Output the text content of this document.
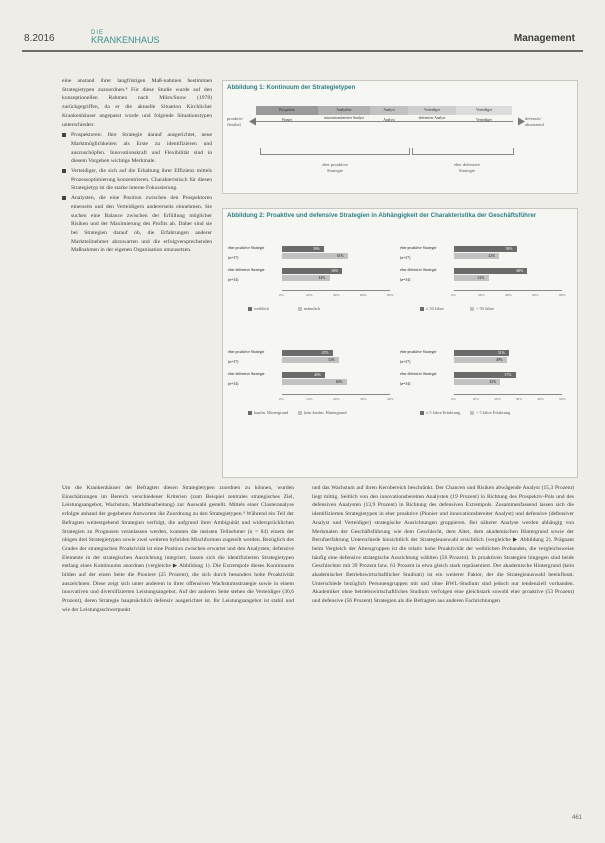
8.2016	DIE
KRANKENHAUS	Management

eine anstand ihrer langfristigen Maß-nahmen bestimmen Strategietypen zuzuordnen.⁸ Für diese Studie wurde auf den konzeptionellen Rahmen nach Miles/Snow (1978) zurückgegriffen, da er die aktuelle Situation Kirchlicher Krankenhäuser angepasst wurde und folgende Situationstypen unterschieden:

Prospektoren: Ihre Strategie darauf ausgerichtet, neue Marktmöglichkeiten als Erste zu identifizieren und auszuschöpfen. Innovationskraft und Flexibilität sind in diesem Vorgehen wichtige Merkmale.
Verteidiger, die sich auf die Erhaltung ihrer Effizienz mittels Prozessoptimierung konzentrieren. Charakteristisch für diesen Strategietyp ist die starke interne Fokussierung.
Analysten, die eine Position zwischen den Prospektoren einerseits und den Verteidigern andererseits einnehmen. Sie suchen eine Balance zwischen der Erfüllung möglicher Risiken und der Maximierung des Profits ab. Daher sind sie bei Strategien darauf ob, die Erfahrungen anderer Marktteilnehmer abzuwarten und die erfolgversprechenden Maßnahmen in der eigenen Organisation umzusetzen.
Abbildung 1: Kontinuum der Strategietypen
proaktiv/ flexibel
defensiv/ abwartend
Prospektor	Analytiker	Analyst	Verteidiger	Verteidiger
Pionier	innovationsbereiter Analyst	Analyst	defensiver Analyst	Verteidiger
eher proaktive Strategie
eher defensive Strategie
Abbildung 2: Proaktive und defensive Strategien in Abhängigkeit der Charakteristika der Geschäftsführer
eher proaktive Strategie
(n=37)
39%
61%
eher defensive Strategie
(n=34)
56%
44%
0%	20%	40%	60%	80%
weiblich	männlich
eher proaktive Strategie
(n=37)
58%
42%
eher defensive Strategie
(n=34)
68%
32%
0%	20%	40%	60%	80%
≤ 50 Jahre	> 50 Jahre
eher proaktive Strategie
(n=37)
47%
53%
eher defensive Strategie
(n=34)
40%
60%
0%	10%	20%	30%	40%
kaufm. Hintergrund	kein kaufm. Hintergrund
eher proaktive Strategie
(n=37)
51%
49%
eher defensive Strategie
(n=34)
57%
43%
0%	10%	20%	30%	40%	50%
≤ 5 Jahre Erfahrung	> 5 Jahre Erfahrung

Um die Krankenhäuser der Befragten diesen Strategietypen zuordnen zu können, wurden Einschätzungen im Bereich verschiedener Kriterien (zum Beispiel zentrales strategisches Ziel, Leistungsangebot, Wachstum, Marktbearbeitung) zur Auswahl gestellt. Mittels einer Clusteranalyse erfolgte anhand der gegebenen Antworten die Zuordnung zu den Strategietypen.⁹ Während ein Teil der Befragten weitestgehend Strategien verfolgt, die aufgrund ihrer Ambiguität und widersprüchlichen Strategien zu Prognosen veranlassen werden, konnten die meisten Teilnehmer (n = 84) einem der obigen drei Strategietypen sowie zwei weiteren hybriden Mischformen zugeteilt werden. Bezüglich des Grades der strategischen Proaktivität ist eine Position zwischen erwartet und den Analysten; defensive Elemente in der strategischen Ausrichtung integriert, lassen sich die identifizierten Strategietypen entlang eines Kontinuums anordnen (vergleiche ▶ Abbildung 1). Die Extrempole dieses Kontinuums bilden auf der einen Seite die Pioniere (25 Prozent), die sich durch besonders hohe Proaktivität auszeichnen. Diese zeigt sich unter anderem in ihrer offensiven Wachstumsstrategie sowie in einem innovativen und diversifizierten Leistungsangebot. Auf der anderen Seite stehen die Verteidiger (30,6 Prozent), deren Strategie hauptsächlich defensiv ausgerichtet ist. Ihr Leistungsangebot ist stabil und wie der Leistungsschwerpunkt

und das Wachstum auf ihren Kernbereich beschränkt. Der Chancen und Risiken abwägende Analyst (15,3 Prozent) liegt mittig. Seitlich von den innovationsbereiten Analysten (19 Prozent) in Richtung des Prospektiv-Pols und des defensiven Analysten (13,9 Prozent) in Richtung des defensiven Extrempols. Zusammenfassend lassen sich die identifizierten Strategietypen in eher proaktive (Pionier und innovationsbereiter Analyst) und defensive (defensiver Analyst und Verteidiger) strategische Ausrichtungen gruppieren. Bei näherer Analyse werden abhängig von Merkmalen der Geschäftsführung wie dem Geschlecht, dem Alter, dem akademischen Hintergrund sowie der Berufserfahrung Unterschiede hinsichtlich der Strategieauswahl ersichtlich (vergleiche ▶ Abbildung 2). Prägnant beim Vergleich der Altersgruppen ist die relativ hohe Proaktivität der weiblichen Probanden, die vergleichsweise häufig eine defensive strategische Ausrichtung wählten (56 Prozent). In proaktiven Strategien hingegen sind beide Geschlechter mit 39 Prozent bzw. 61 Prozent in etwa gleich stark repräsentiert. Der akademische Hintergrund (kein akademischer Betriebswirtschaftlicher Studium) ist ein weiterer Faktor, der die Strategieauswahl beeinflusst. Unterschiede bezüglich Personengruppen mit und ohne BWL-Studium sind jedoch nur tendenziell vorhanden. Akademiker ohne betriebswirtschaftliches Studium verfolgen eine gleichstark sowohl eher proaktive (53 Prozent) und defensive (56 Prozent) Strategien als die Befragten aus anderen Fachrichtungen

461
